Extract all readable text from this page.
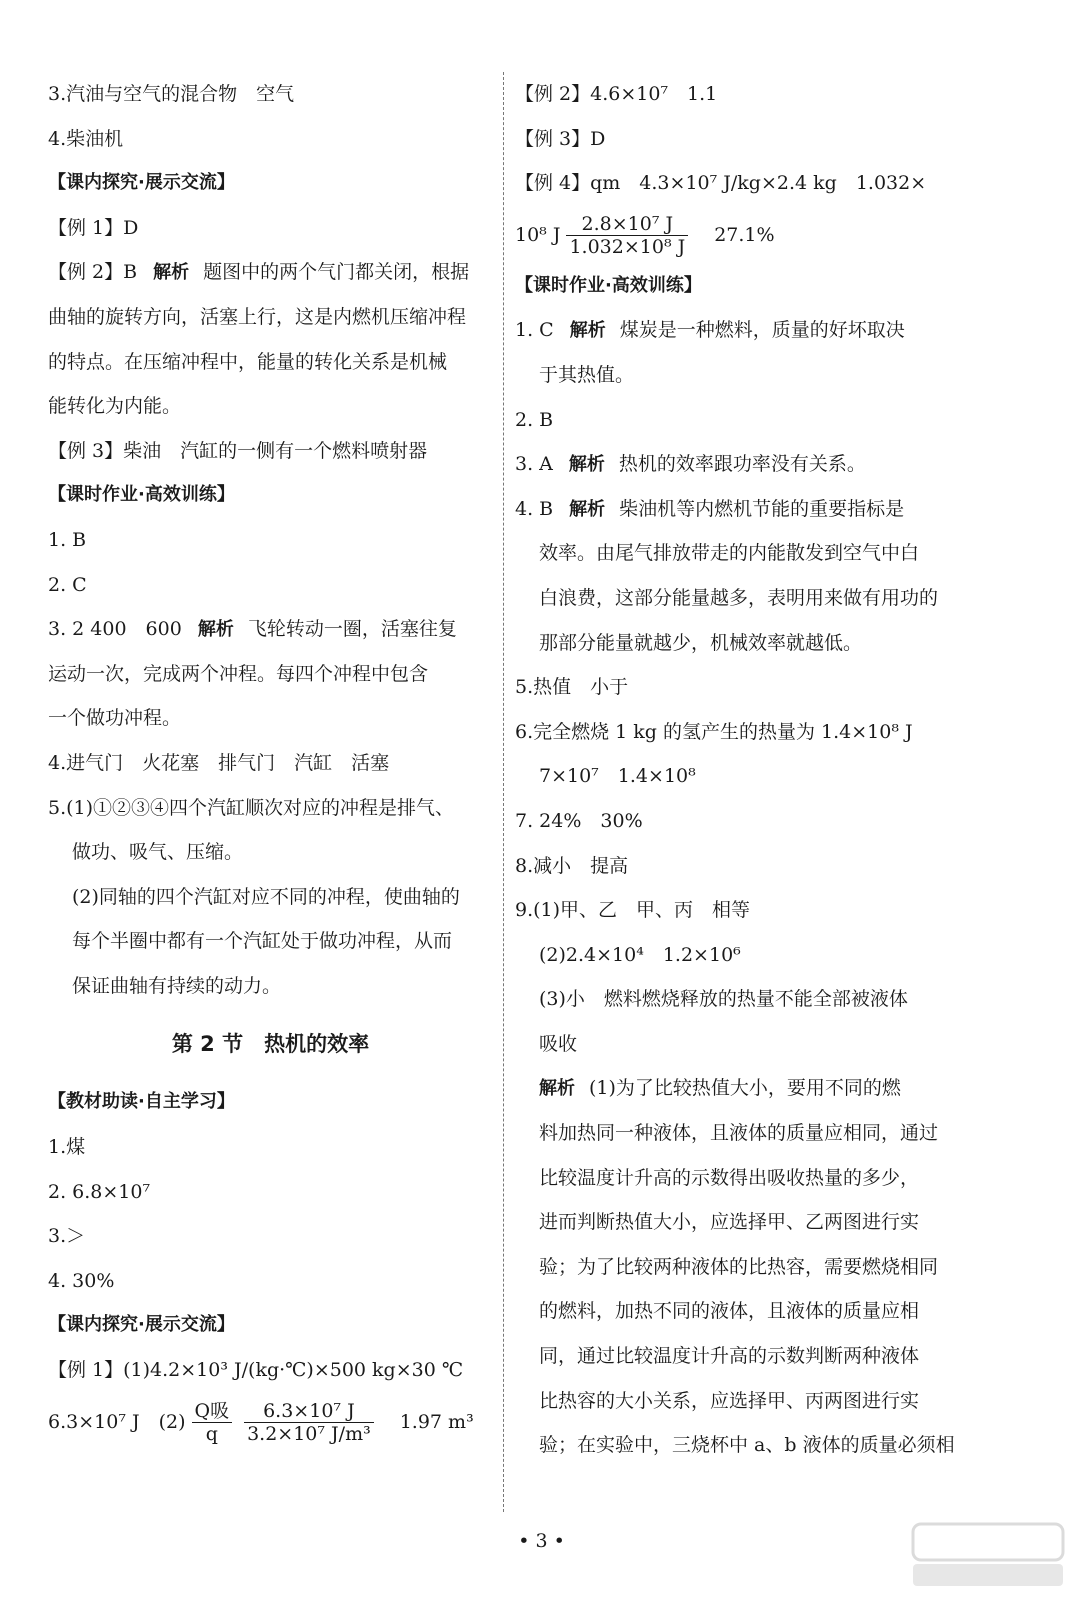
3.汽油与空气的混合物　空气
4.柴油机
【课内探究·展示交流】
【例 1】D
【例 2】B 解析 题图中的两个气门都关闭，根据
曲轴的旋转方向，活塞上行，这是内燃机压缩冲程
的特点。在压缩冲程中，能量的转化关系是机械
能转化为内能。
【例 3】柴油　汽缸的一侧有一个燃料喷射器
【课时作业·高效训练】
1. B
2. C
3. 2 400　600 解析 飞轮转动一圈，活塞往复
运动一次，完成两个冲程。每四个冲程中包含
一个做功冲程。
4.进气门　火花塞　排气门　汽缸　活塞
5.(1)①②③④四个汽缸顺次对应的冲程是排气、
做功、吸气、压缩。
(2)同轴的四个汽缸对应不同的冲程，使曲轴的
每个半圈中都有一个汽缸处于做功冲程，从而
保证曲轴有持续的动力。
第 2 节　热机的效率
【教材助读·自主学习】
1.煤
2. 6.8×10⁷
3.＞
4. 30%
【课内探究·展示交流】
【例 1】(1)4.2×10³ J/(kg·℃)×500 kg×30 ℃
6.3×10⁷ J　$(2) \frac{\text{Q吸}}{q} \frac{\text{6.3×10⁷ J}}{\text{3.2×10⁷ J/m³}} 1.97$ m³
【例 2】4.6×10⁷　1.1
【例 3】D
【例 4】qm　4.3×10⁷ J/kg×2.4 kg　1.032×
10⁸ J $\frac{\text{2.8×10⁷ J}}{\text{1.032×10⁸ J}} 27.1\%$
【课时作业·高效训练】
1. C 解析 煤炭是一种燃料，质量的好坏取决
于其热值。
2. B
3. A 解析 热机的效率跟功率没有关系。
4. B 解析 柴油机等内燃机节能的重要指标是
效率。由尾气排放带走的内能散发到空气中白
白浪费，这部分能量越多，表明用来做有用功的
那部分能量就越少，机械效率就越低。
5.热值　小于
6.完全燃烧 1 kg 的氢产生的热量为 1.4×10⁸ J
7×10⁷　1.4×10⁸
7. 24%　30%
8.减小　提高
9.(1)甲、乙　甲、丙　相等
(2)2.4×10⁴　1.2×10⁶
(3)小　燃料燃烧释放的热量不能全部被液体
吸收
解析 (1)为了比较热值大小，要用不同的燃
料加热同一种液体，且液体的质量应相同，通过
比较温度计升高的示数得出吸收热量的多少，
进而判断热值大小，应选择甲、乙两图进行实
验；为了比较两种液体的比热容，需要燃烧相同
的燃料，加热不同的液体，且液体的质量应相
同，通过比较温度计升高的示数判断两种液体
比热容的大小关系，应选择甲、丙两图进行实
验；在实验中，三烧杯中 a、b 液体的质量必须相
• 3 •
